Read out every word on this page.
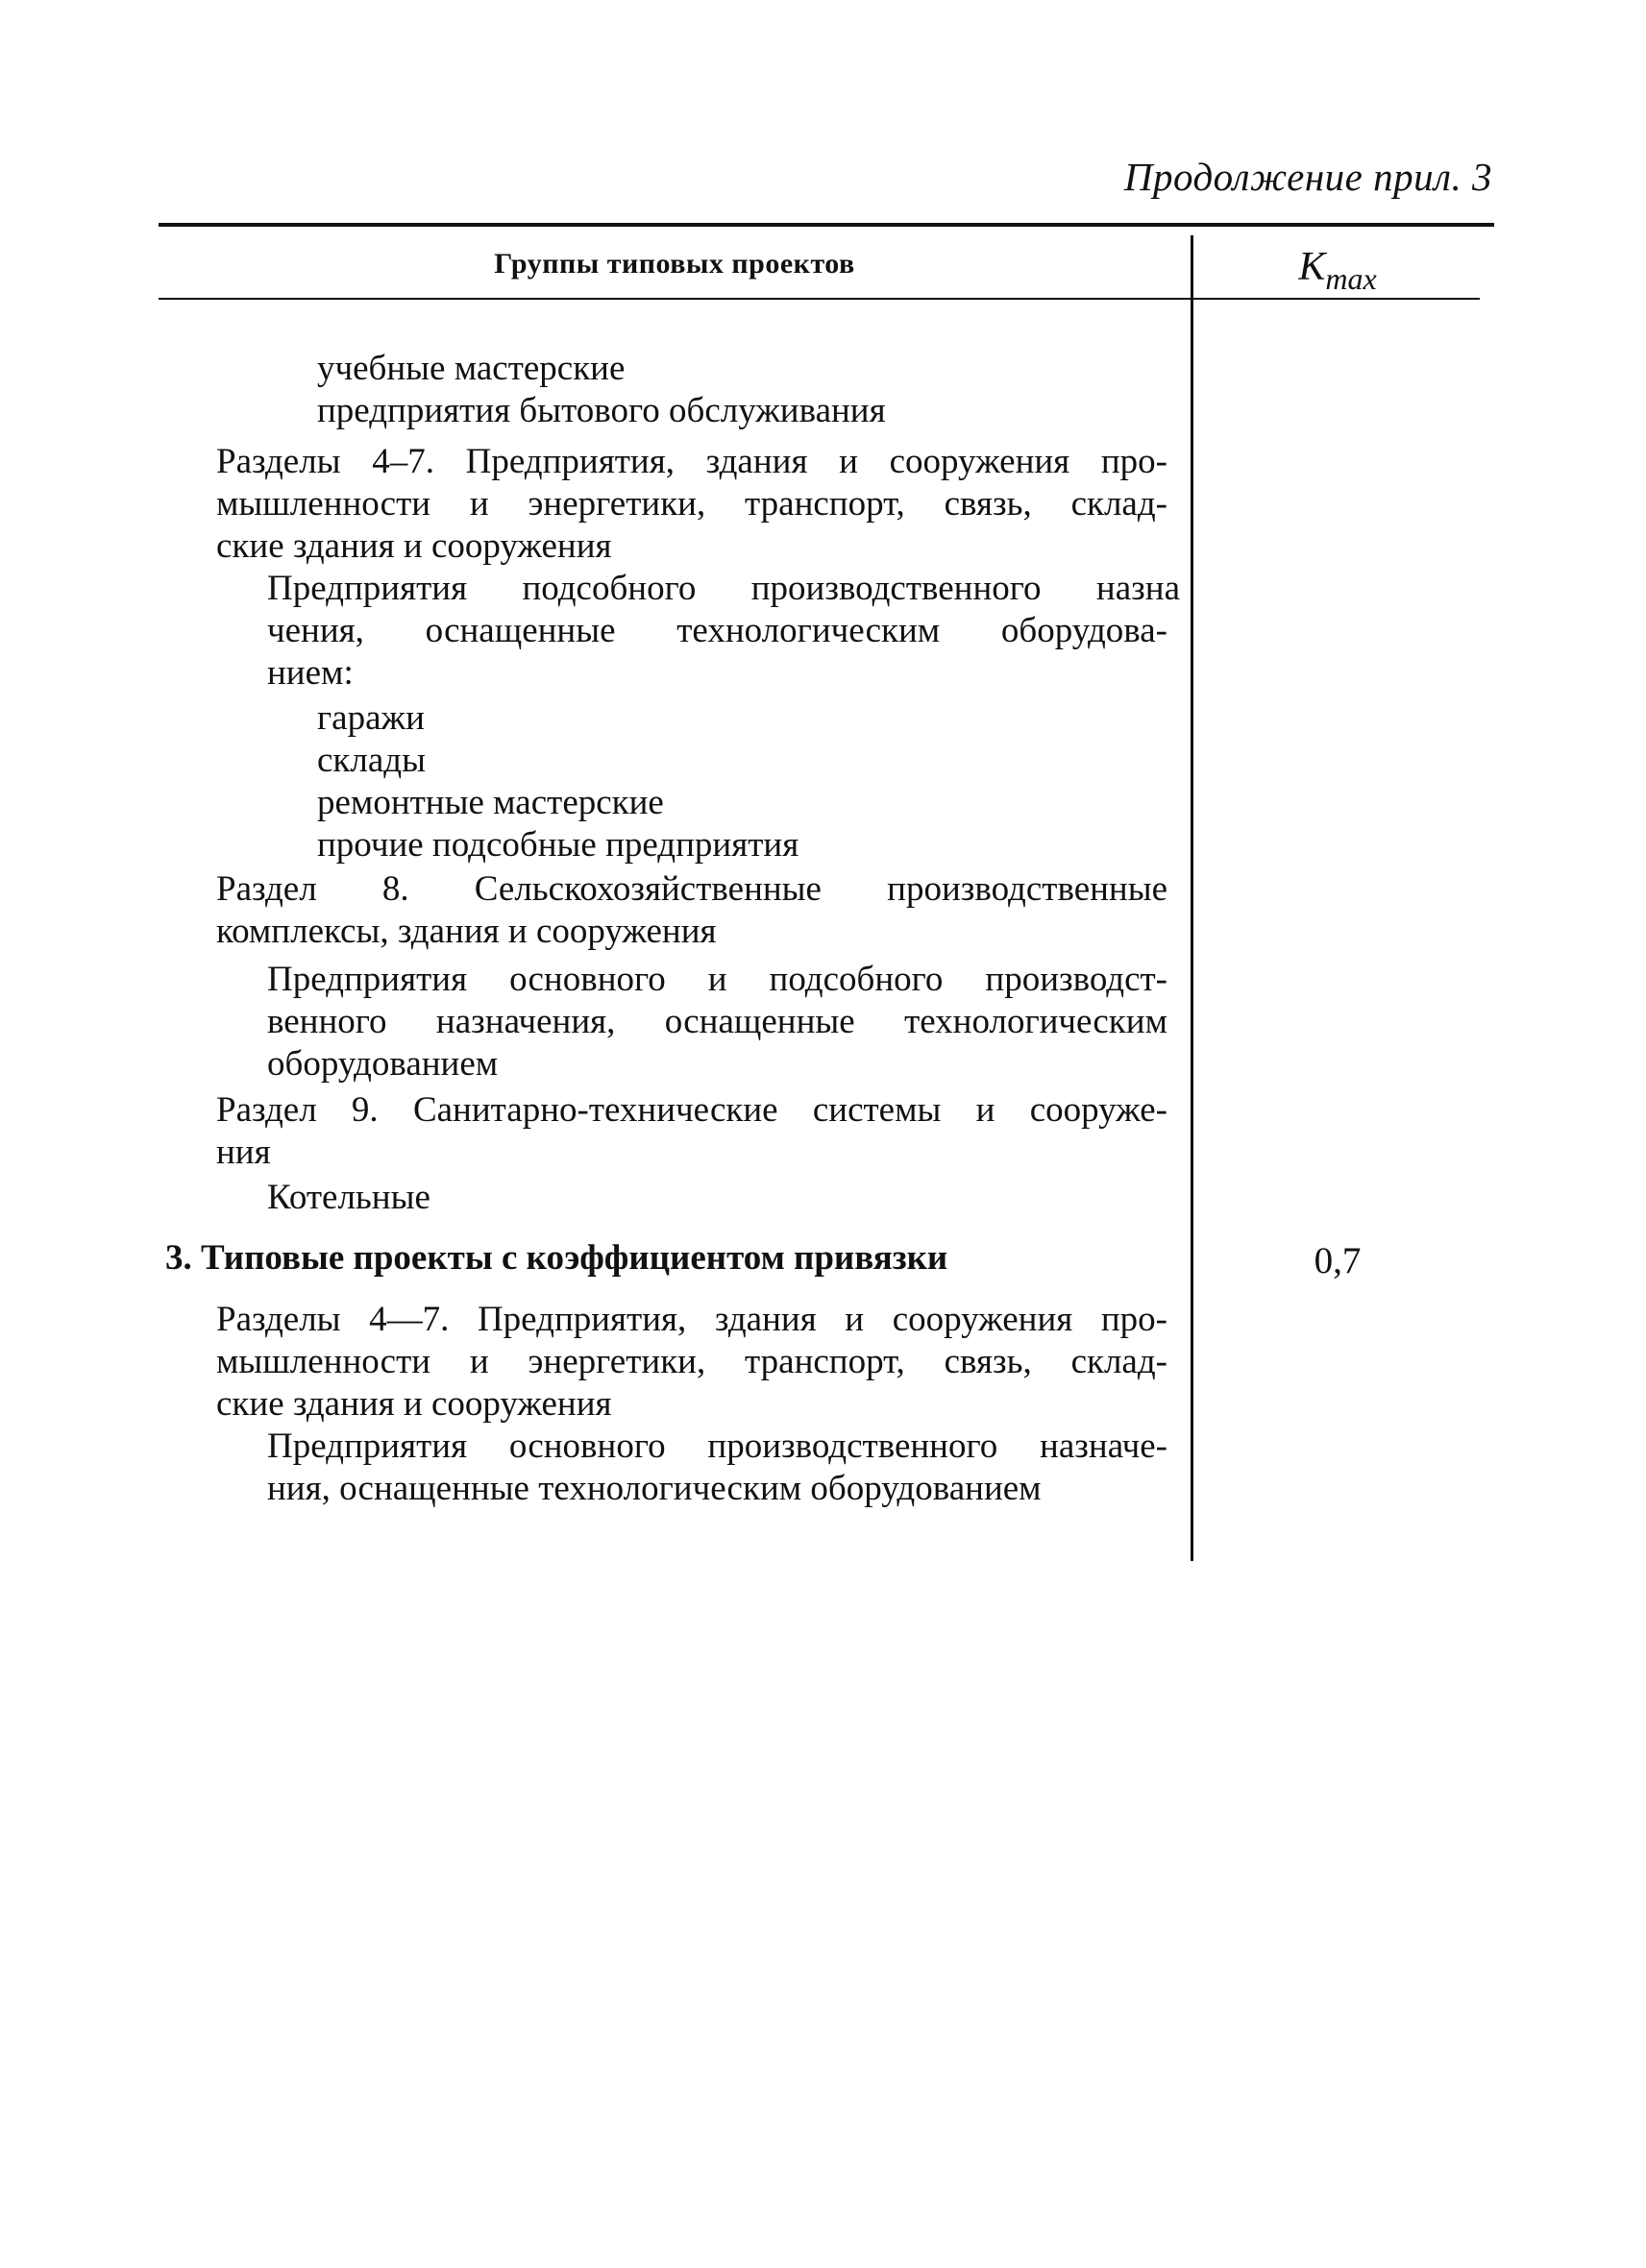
Продолжение прил. 3
Группы типовых проектов	$K_{max}$
учебные мастерские
предприятия бытового обслуживания
Разделы 4–7. Предприятия, здания и сооружения про-
мышленности и энергетики, транспорт, связь, склад-
ские здания и сооружения
Предприятия подсобного производственного назна
чения, оснащенные технологическим оборудова-
нием:
гаражи
склады
ремонтные мастерские
прочие подсобные предприятия
Раздел 8. Сельскохозяйственные производственные
комплексы, здания и сооружения
Предприятия основного и подсобного производст-
венного назначения, оснащенные технологическим
оборудованием
Раздел 9. Санитарно-технические системы и сооруже-
ния
Котельные
3. Типовые проекты с коэффициентом привязки
Разделы 4—7. Предприятия, здания и сооружения про-
мышленности и энергетики, транспорт, связь, склад-
ские здания и сооружения
Предприятия основного производственного назначе-
ния, оснащенные технологическим оборудованием
0,7
